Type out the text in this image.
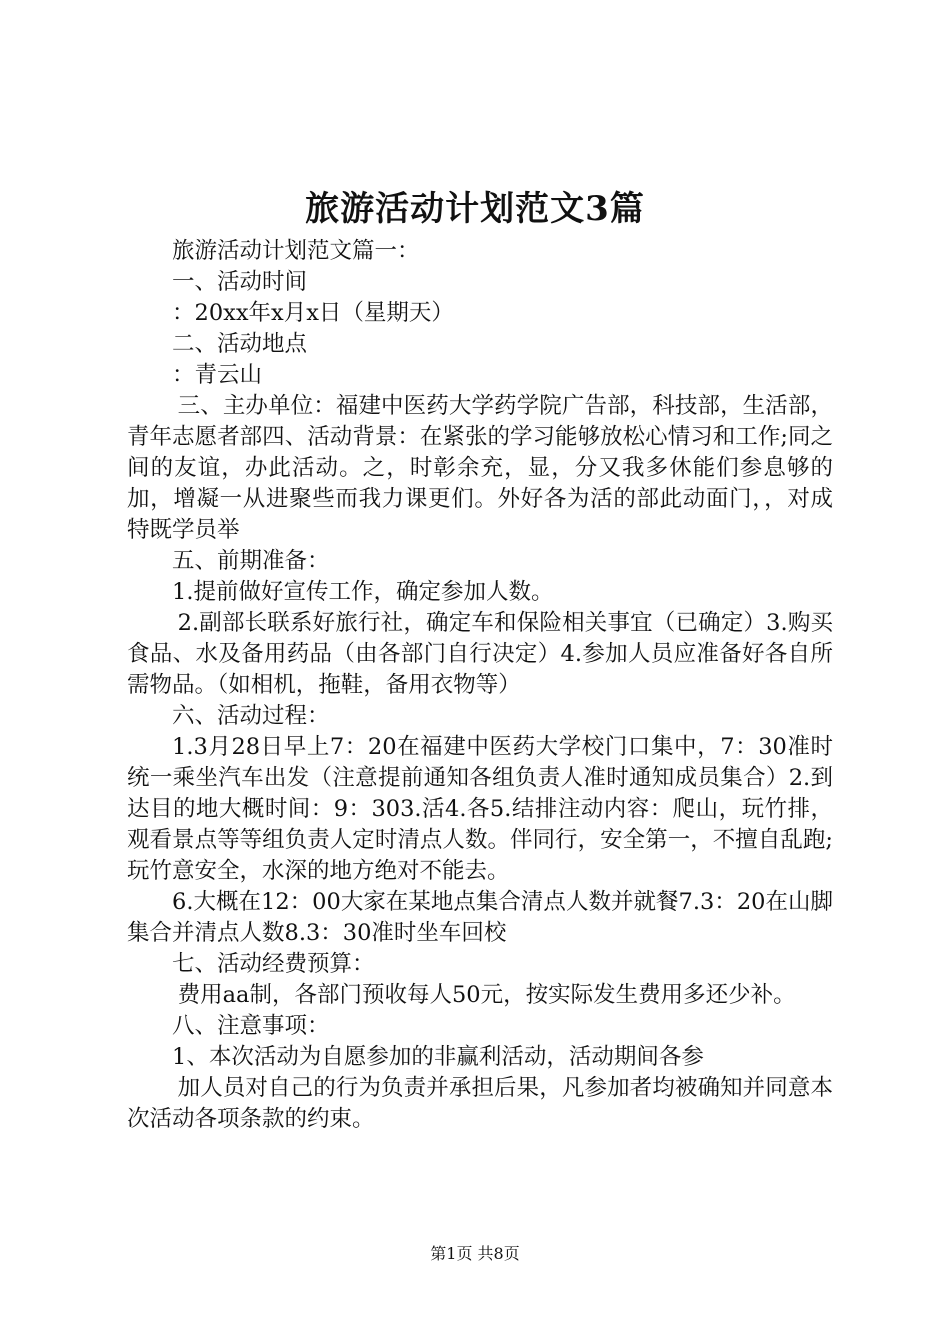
旅游活动计划范文3篇

旅游活动计划范文篇一：

一、活动时间

：20xx年x月x日（星期天）

二、活动地点

：青云山

三、主办单位：福建中医药大学药学院广告部，科技部，生活部，青年志愿者部四、活动背景：在紧张的学习能够放松心情习和工作;同之间的友谊，办此活动。之，时彰余充，显，分又我多休能们参息够的加，增凝一从进聚些而我力课更们。外好各为活的部此动面门，，对成特既学员举

五、前期准备：

1.提前做好宣传工作，确定参加人数。

2.副部长联系好旅行社，确定车和保险相关事宜（已确定）3.购买食品、水及备用药品（由各部门自行决定）4.参加人员应准备好各自所需物品。（如相机，拖鞋，备用衣物等）

六、活动过程：

1.3月28日早上7：20在福建中医药大学校门口集中，7：30准时统一乘坐汽车出发（注意提前通知各组负责人准时通知成员集合）2.到达目的地大概时间：9：303.活4.各5.结排注动内容：爬山，玩竹排，观看景点等等组负责人定时清点人数。伴同行，安全第一，不擅自乱跑;玩竹意安全，水深的地方绝对不能去。

6.大概在12：00大家在某地点集合清点人数并就餐7.3：20在山脚集合并清点人数8.3：30准时坐车回校

七、活动经费预算：

费用aa制，各部门预收每人50元，按实际发生费用多还少补。

八、注意事项：

1、本次活动为自愿参加的非赢利活动，活动期间各参

加人员对自己的行为负责并承担后果，凡参加者均被确知并同意本次活动各项条款的约束。

第1页 共8页
